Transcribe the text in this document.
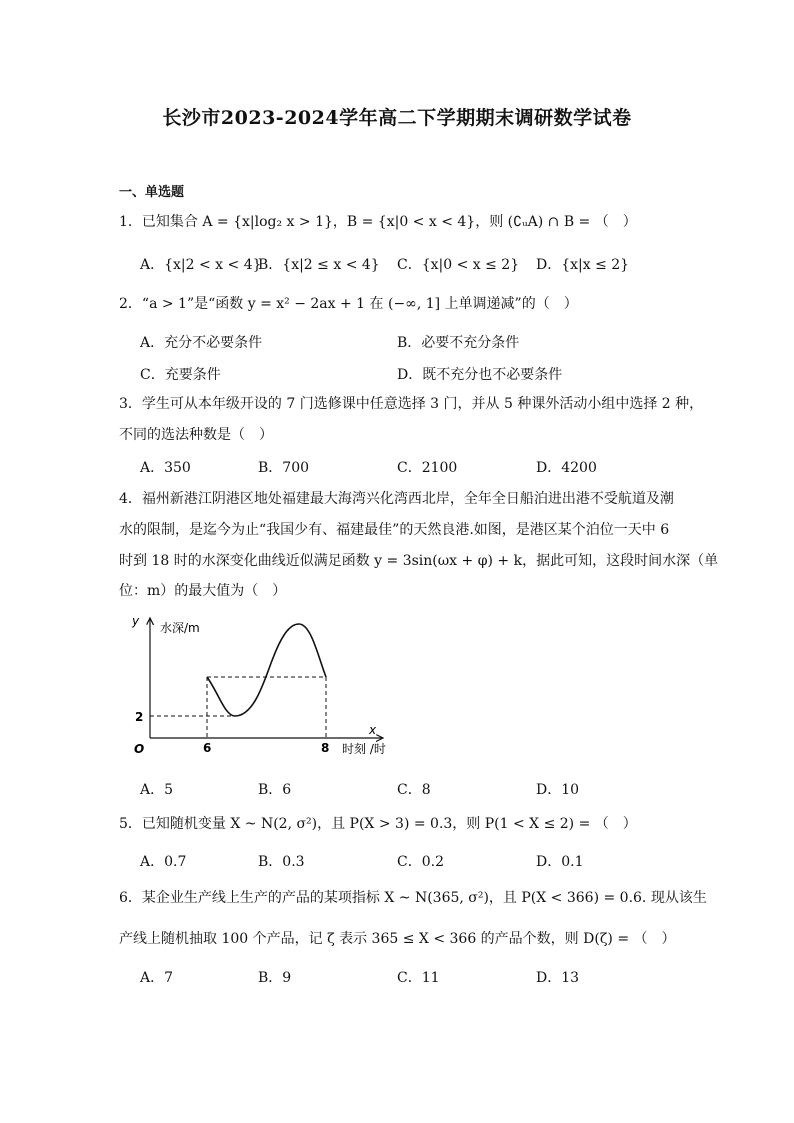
长沙市2023-2024学年高二下学期期末调研数学试卷
一、单选题
1．已知集合 A = {x|log₂ x > 1}，B = {x|0 < x < 4}，则 (∁ᵤA) ∩ B = （　）
A．{x|2 < x < 4}
B．{x|2 ≤ x < 4} C．{x|0 < x ≤ 2} D．{x|x ≤ 2}
2．“a > 1”是“函数 y = x² − 2ax + 1 在 (−∞, 1] 上单调递减”的（　）
A．充分不必要条件	B．必要不充分条件
C．充要条件	D．既不充分也不必要条件
3．学生可从本年级开设的 7 门选修课中任意选择 3 门，并从 5 种课外活动小组中选择 2 种，
不同的选法种数是（　）
A．350	B．700	C．2100	D．4200
4．福州新港江阴港区地处福建最大海湾兴化湾西北岸，全年全日船泊进出港不受航道及潮
水的限制，是迄今为止“我国少有、福建最佳”的天然良港.如图，是港区某个泊位一天中 6
时到 18 时的水深变化曲线近似满足函数 y = 3sin(ωx + φ) + k，据此可知，这段时间水深（单
位：m）的最大值为（　）
y 水深/m
x
时刻 /时
O	6	8
2
A．5	B．6	C．8	D．10
5．已知随机变量 X ~ N(2, σ²)，且 P(X > 3) = 0.3，则 P(1 < X ≤ 2) = （　）
A．0.7	B．0.3	C．0.2	D．0.1
6．某企业生产线上生产的产品的某项指标 X ~ N(365, σ²)，且 P(X < 366) = 0.6. 现从该生
产线上随机抽取 100 个产品，记 ζ 表示 365 ≤ X < 366 的产品个数，则 D(ζ) = （　）
A．7	B．9	C．11	D．13
